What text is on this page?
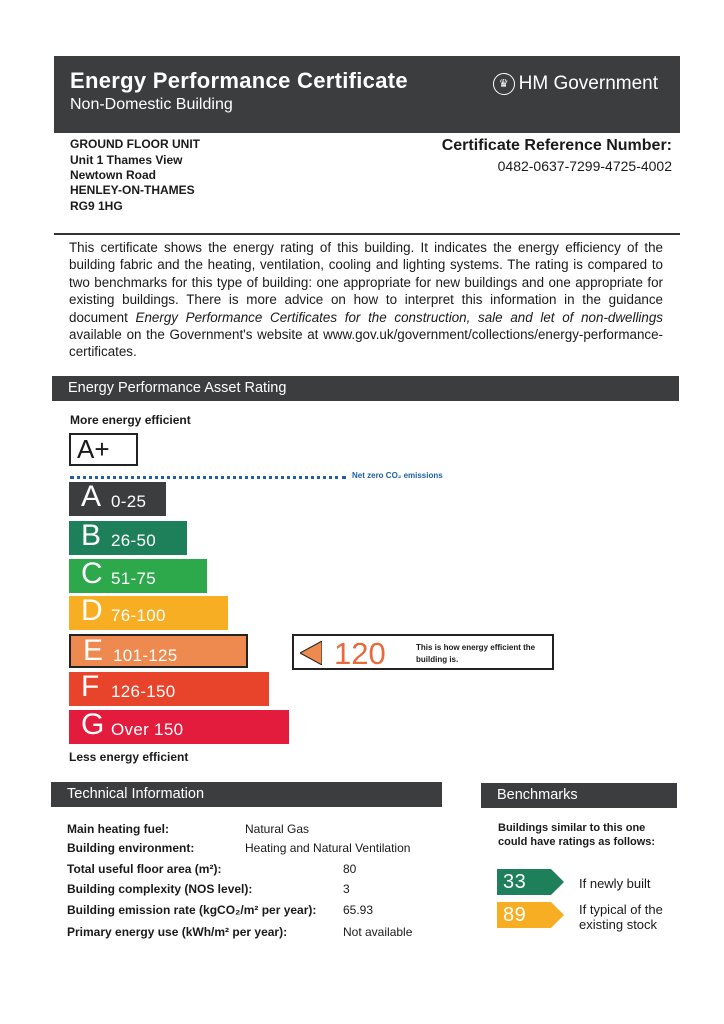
Energy Performance Certificate
Non-Domestic Building
♛ HM Government
GROUND FLOOR UNIT
Unit 1 Thames View
Newtown Road
HENLEY-ON-THAMES
RG9 1HG
Certificate Reference Number:
0482-0637-7299-4725-4002
This certificate shows the energy rating of this building. It indicates the energy efficiency of the building fabric and the heating, ventilation, cooling and lighting systems. The rating is compared to two benchmarks for this type of building: one appropriate for new buildings and one appropriate for existing buildings. There is more advice on how to interpret this information in the guidance document Energy Performance Certificates for the construction, sale and let of non-dwellings available on the Government's website at www.gov.uk/government/collections/energy-performance-certificates.
Energy Performance Asset Rating
More energy efficient
A+
Net zero CO₂ emissions
A 0-25
B 26-50
C 51-75
D 76-100
E 101-125
F 126-150
G Over 150
120	This is how energy efficient the building is.
Less energy efficient
Technical Information
Main heating fuel:	Natural Gas
Building environment:	Heating and Natural Ventilation
Total useful floor area (m²):	80
Building complexity (NOS level):	3
Building emission rate (kgCO₂/m² per year): 65.93
Primary energy use (kWh/m² per year):	Not available
Benchmarks
Buildings similar to this one could have ratings as follows:
33	If newly built
89	If typical of the existing stock
